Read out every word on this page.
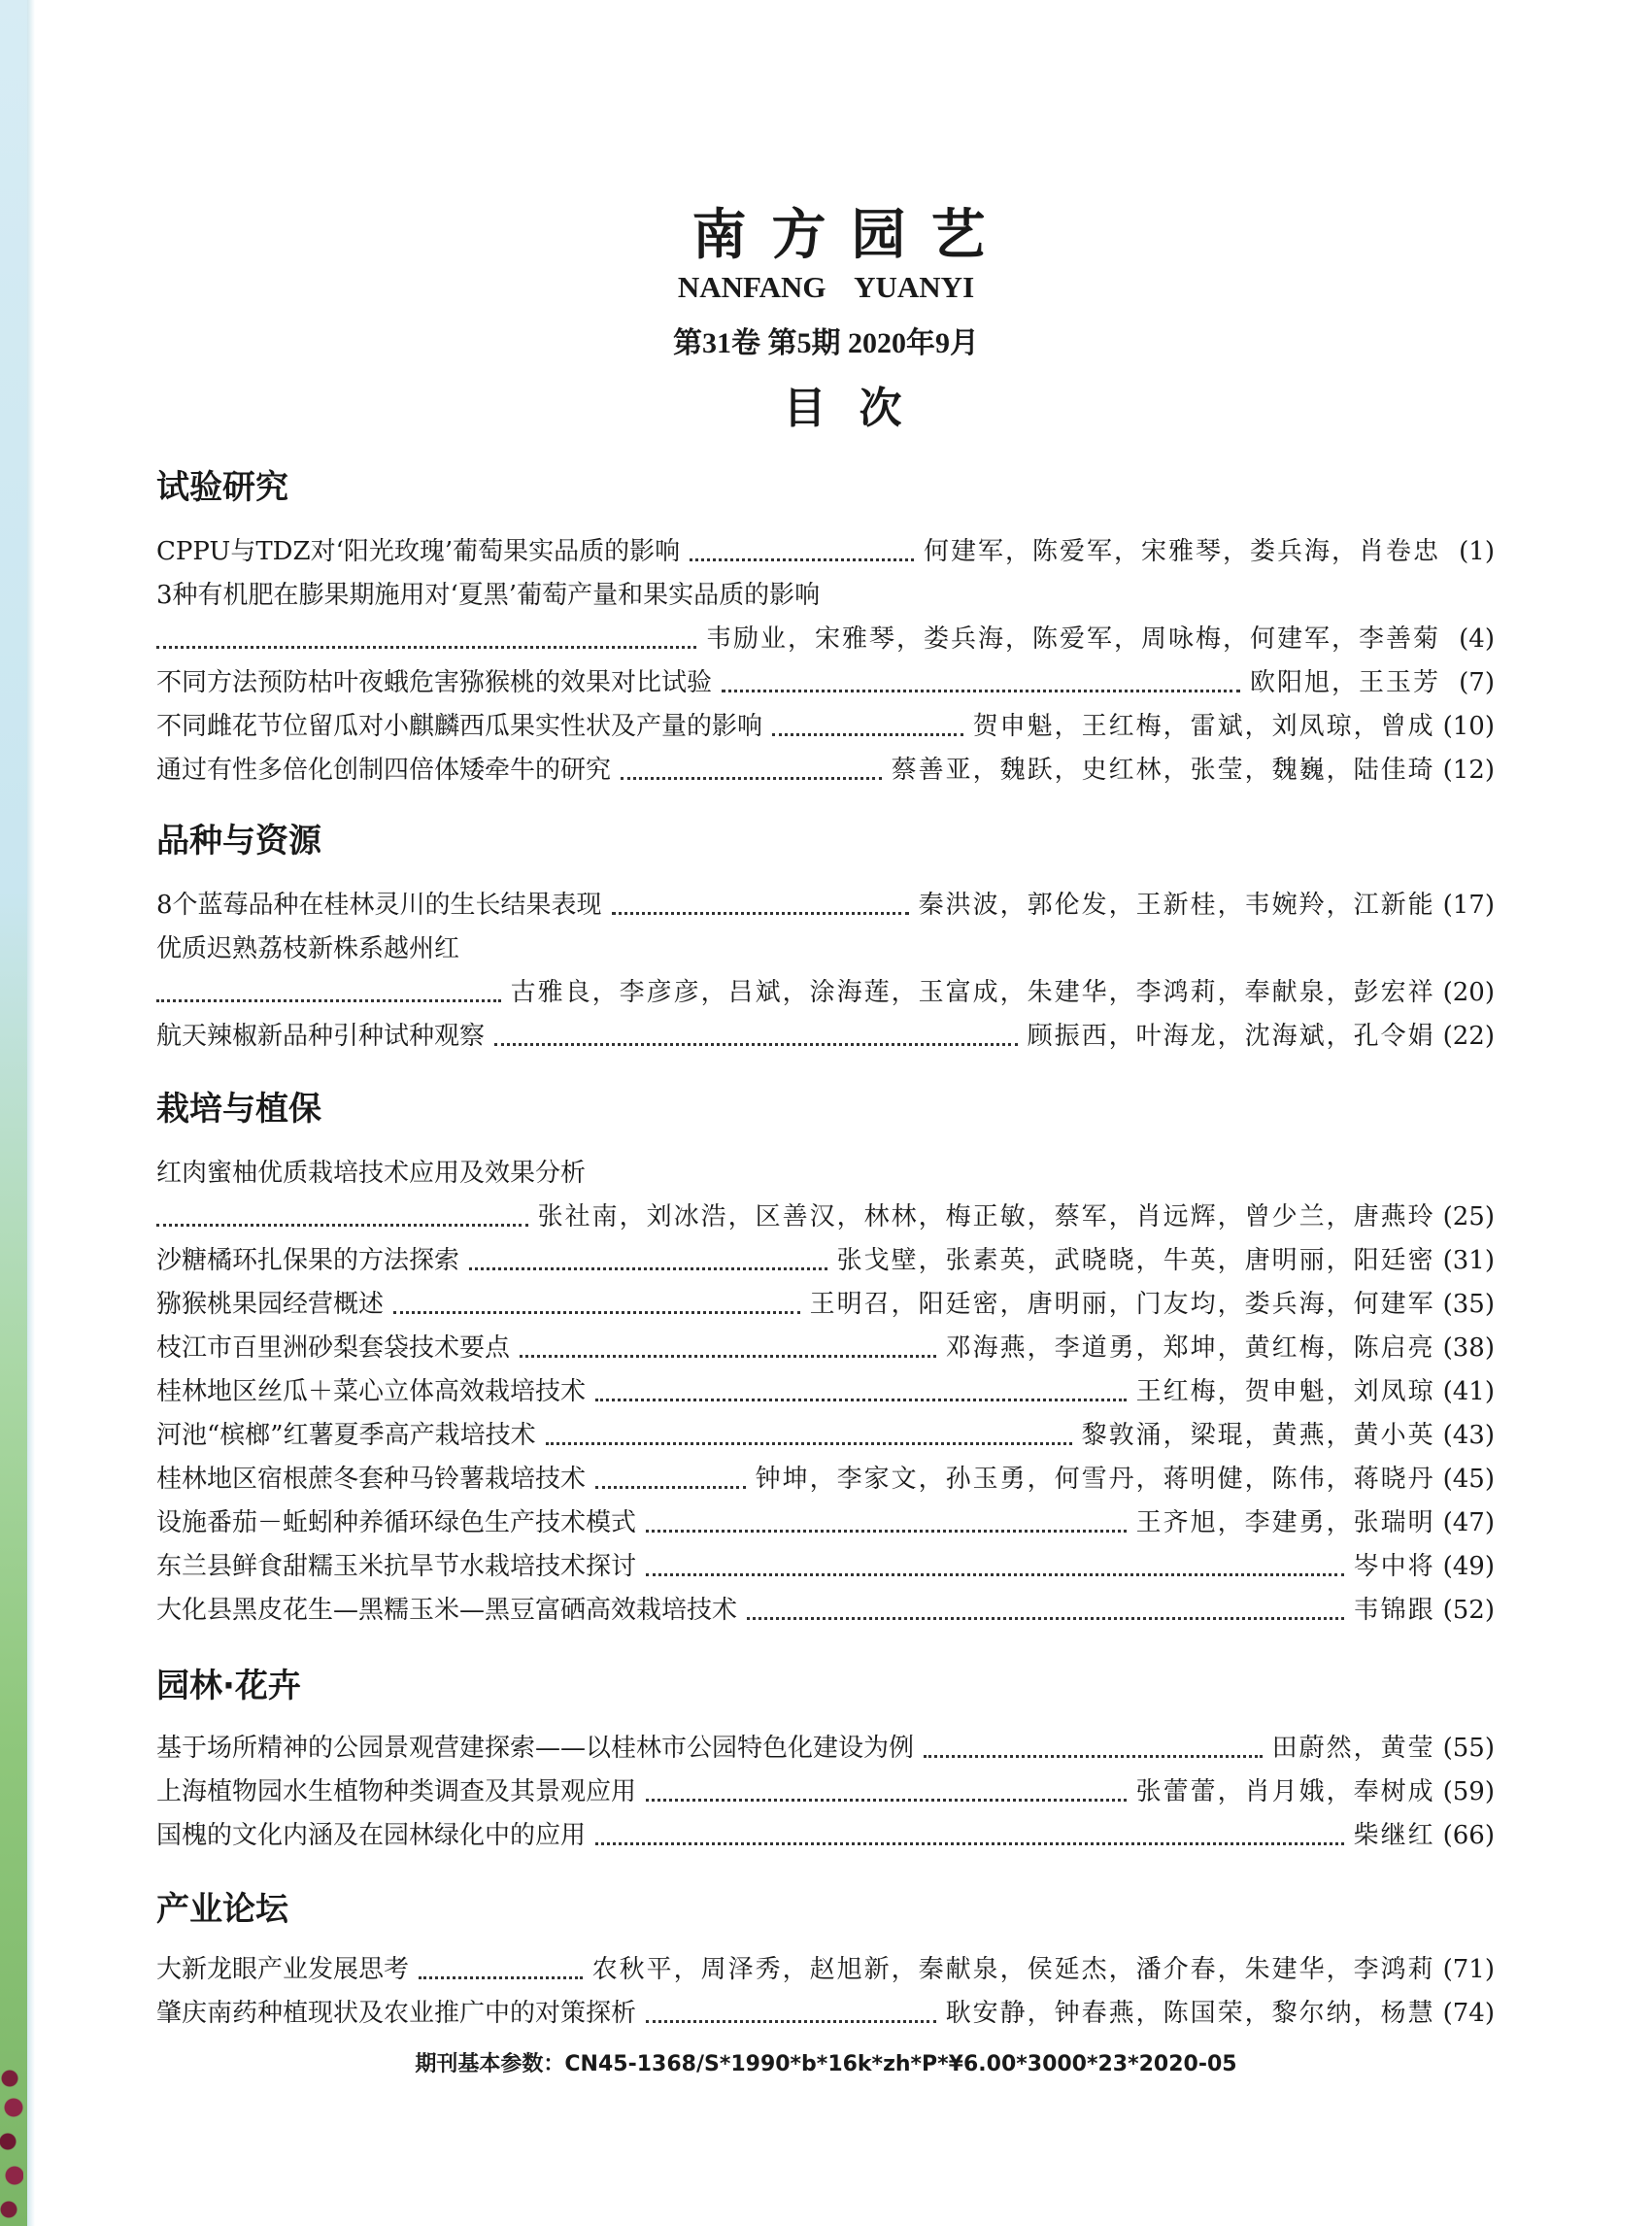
南方园艺
NANFANG YUANYI
第31卷 第5期 2020年9月
目次
试验研究
CPPU与TDZ对‘阳光玫瑰’葡萄果实品质的影响	何建军，陈爱军，宋雅琴，娄兵海，肖卷忠 (1)
3种有机肥在膨果期施用对‘夏黑’葡萄产量和果实品质的影响
韦励业，宋雅琴，娄兵海，陈爱军，周咏梅，何建军，李善菊 (4)
不同方法预防枯叶夜蛾危害猕猴桃的效果对比试验	欧阳旭，王玉芳 (7)
不同雌花节位留瓜对小麒麟西瓜果实性状及产量的影响	贺申魁，王红梅，雷斌，刘凤琼，曾成 (10)
通过有性多倍化创制四倍体矮牵牛的研究	蔡善亚，魏跃，史红林，张莹，魏巍，陆佳琦 (12)
品种与资源
8个蓝莓品种在桂林灵川的生长结果表现	秦洪波，郭伦发，王新桂，韦婉羚，江新能 (17)
优质迟熟荔枝新株系越州红
古雅良，李彦彦，吕斌，涂海莲，玉富成，朱建华，李鸿莉，奉献泉，彭宏祥 (20)
航天辣椒新品种引种试种观察	顾振西，叶海龙，沈海斌，孔令娟 (22)
栽培与植保
红肉蜜柚优质栽培技术应用及效果分析
张社南，刘冰浩，区善汉，林林，梅正敏，蔡军，肖远辉，曾少兰，唐燕玲 (25)
沙糖橘环扎保果的方法探索	张戈壁，张素英，武晓晓，牛英，唐明丽，阳廷密 (31)
猕猴桃果园经营概述	王明召，阳廷密，唐明丽，门友均，娄兵海，何建军 (35)
枝江市百里洲砂梨套袋技术要点	邓海燕，李道勇，郑坤，黄红梅，陈启亮 (38)
桂林地区丝瓜＋菜心立体高效栽培技术	王红梅，贺申魁，刘凤琼 (41)
河池“槟榔”红薯夏季高产栽培技术	黎敦涌，梁琨，黄燕，黄小英 (43)
桂林地区宿根蔗冬套种马铃薯栽培技术	钟坤，李家文，孙玉勇，何雪丹，蒋明健，陈伟，蒋晓丹 (45)
设施番茄－蚯蚓种养循环绿色生产技术模式	王齐旭，李建勇，张瑞明 (47)
东兰县鲜食甜糯玉米抗旱节水栽培技术探讨	岑中将 (49)
大化县黑皮花生—黑糯玉米—黑豆富硒高效栽培技术	韦锦跟 (52)
园林·花卉
基于场所精神的公园景观营建探索——以桂林市公园特色化建设为例	田蔚然，黄莹 (55)
上海植物园水生植物种类调查及其景观应用	张蕾蕾，肖月娥，奉树成 (59)
国槐的文化内涵及在园林绿化中的应用	柴继红 (66)
产业论坛
大新龙眼产业发展思考	农秋平，周泽秀，赵旭新，秦献泉，侯延杰，潘介春，朱建华，李鸿莉 (71)
肇庆南药种植现状及农业推广中的对策探析	耿安静，钟春燕，陈国荣，黎尔纳，杨慧 (74)
期刊基本参数：CN45-1368/S*1990*b*16k*zh*P*¥6.00*3000*23*2020-05
